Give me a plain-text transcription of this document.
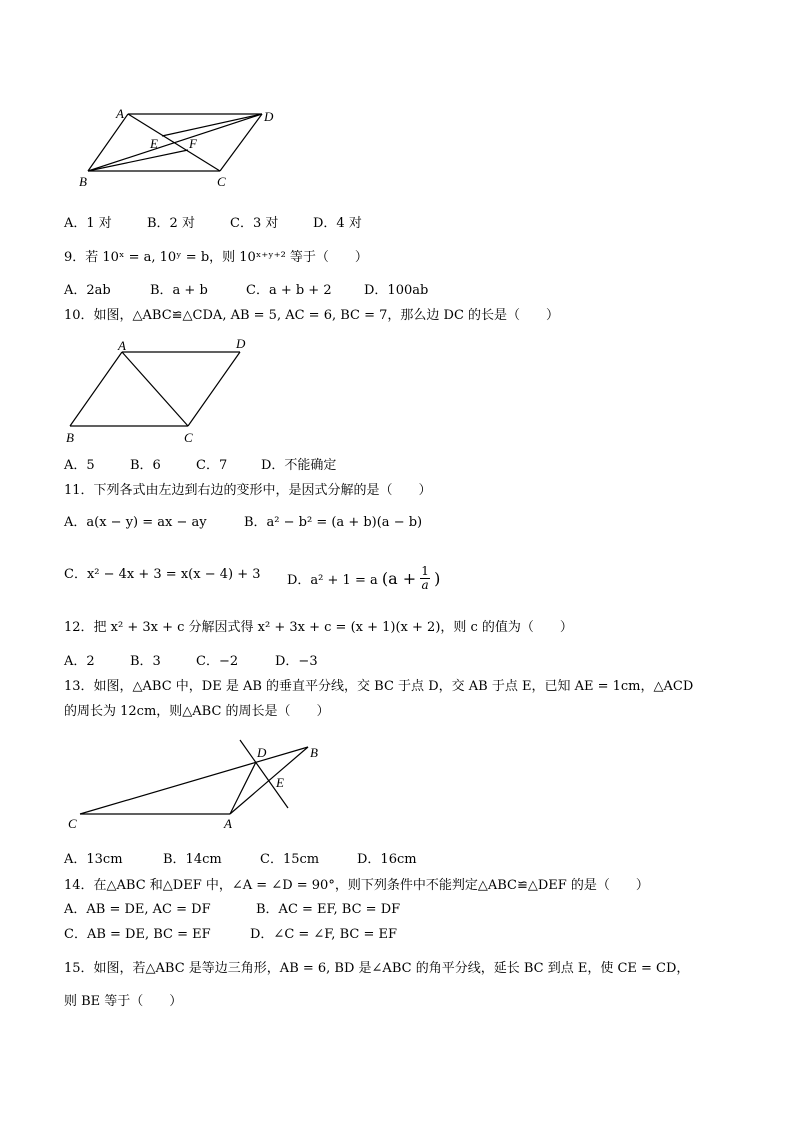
A	D
B	C
E F
A．1 对	B．2 对	C．3 对	D．4 对
9．若 10ˣ = a, 10ʸ = b，则 10ˣ⁺ʸ⁺² 等于（　　）
A．2ab	B．a + b	C．a + b + 2 D．100ab
10．如图，△ABC≌△CDA, AB = 5, AC = 6, BC = 7，那么边 DC 的长是（　　）
A	D
B	C
A．5	B．6	C．7	D．不能确定
11．下列各式由左边到右边的变形中，是因式分解的是（　　）
A．a(x − y) = ax − ay	B．a² − b² = (a + b)(a − b)
C．x² − 4x + 3 = x(x − 4) + 3 D．a² + 1 = a ($a + \frac{1}{a}$ )
12．把 x² + 3x + c 分解因式得 x² + 3x + c = (x + 1)(x + 2)，则 c 的值为（　　）
A．2	B．3	C．−2	D．−3
13．如图，△ABC 中，DE 是 AB 的垂直平分线，交 BC 于点 D，交 AB 于点 E，已知 AE = 1cm，△ACD
的周长为 12cm，则△ABC 的周长是（　　）
C	A
B
D
E
A．13cm	B．14cm	C．15cm	D．16cm
14．在△ABC 和△DEF 中，∠A = ∠D = 90°，则下列条件中不能判定△ABC≌△DEF 的是（　　）
A．AB = DE, AC = DF	B．AC = EF, BC = DF
C．AB = DE, BC = EF	D．∠C = ∠F, BC = EF
15．如图，若△ABC 是等边三角形，AB = 6, BD 是∠ABC 的角平分线，延长 BC 到点 E，使 CE = CD，
则 BE 等于（　　）
